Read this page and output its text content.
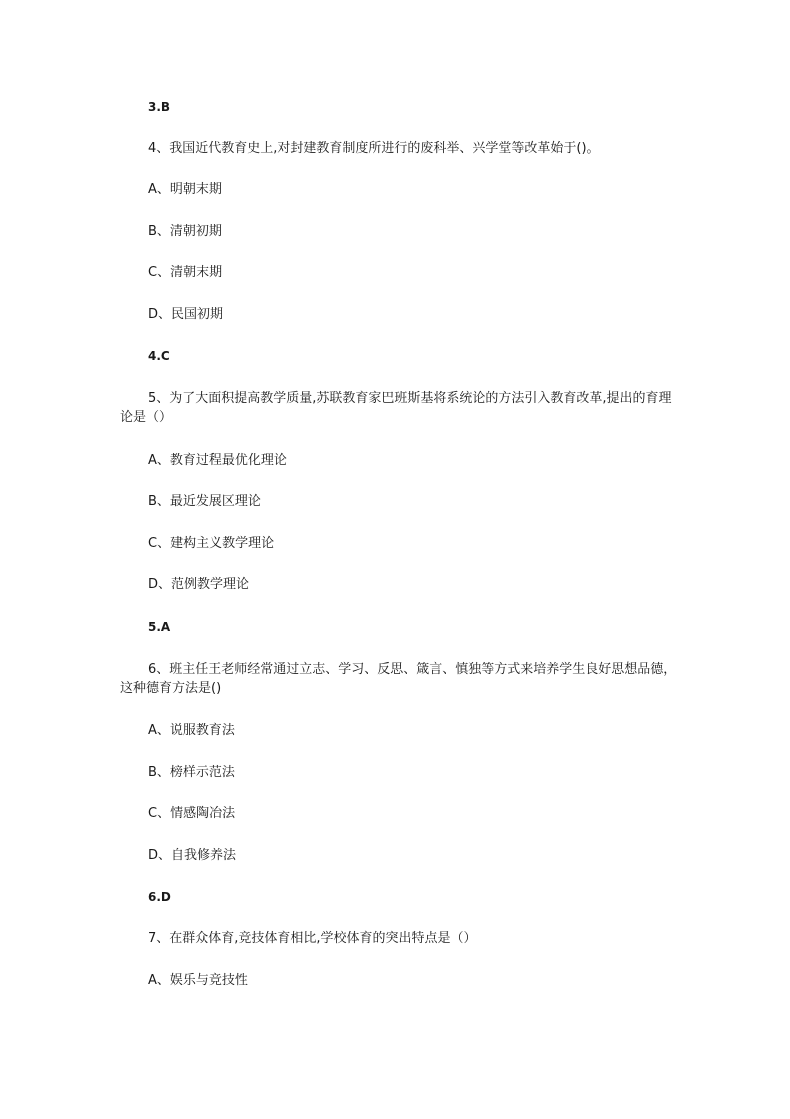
3.B
4、我国近代教育史上,对封建教育制度所进行的废科举、兴学堂等改革始于()。
A、明朝末期
B、清朝初期
C、清朝末期
D、民国初期
4.C
5、为了大面积提高教学质量,苏联教育家巴班斯基将系统论的方法引入教育改革,提出的育理论是（）
A、教育过程最优化理论
B、最近发展区理论
C、建构主义教学理论
D、范例教学理论
5.A
6、班主任王老师经常通过立志、学习、反思、箴言、慎独等方式来培养学生良好思想品德，这种德育方法是()
A、说服教育法
B、榜样示范法
C、情感陶冶法
D、自我修养法
6.D
7、在群众体育,竞技体育相比,学校体育的突出特点是（）
A、娱乐与竞技性
